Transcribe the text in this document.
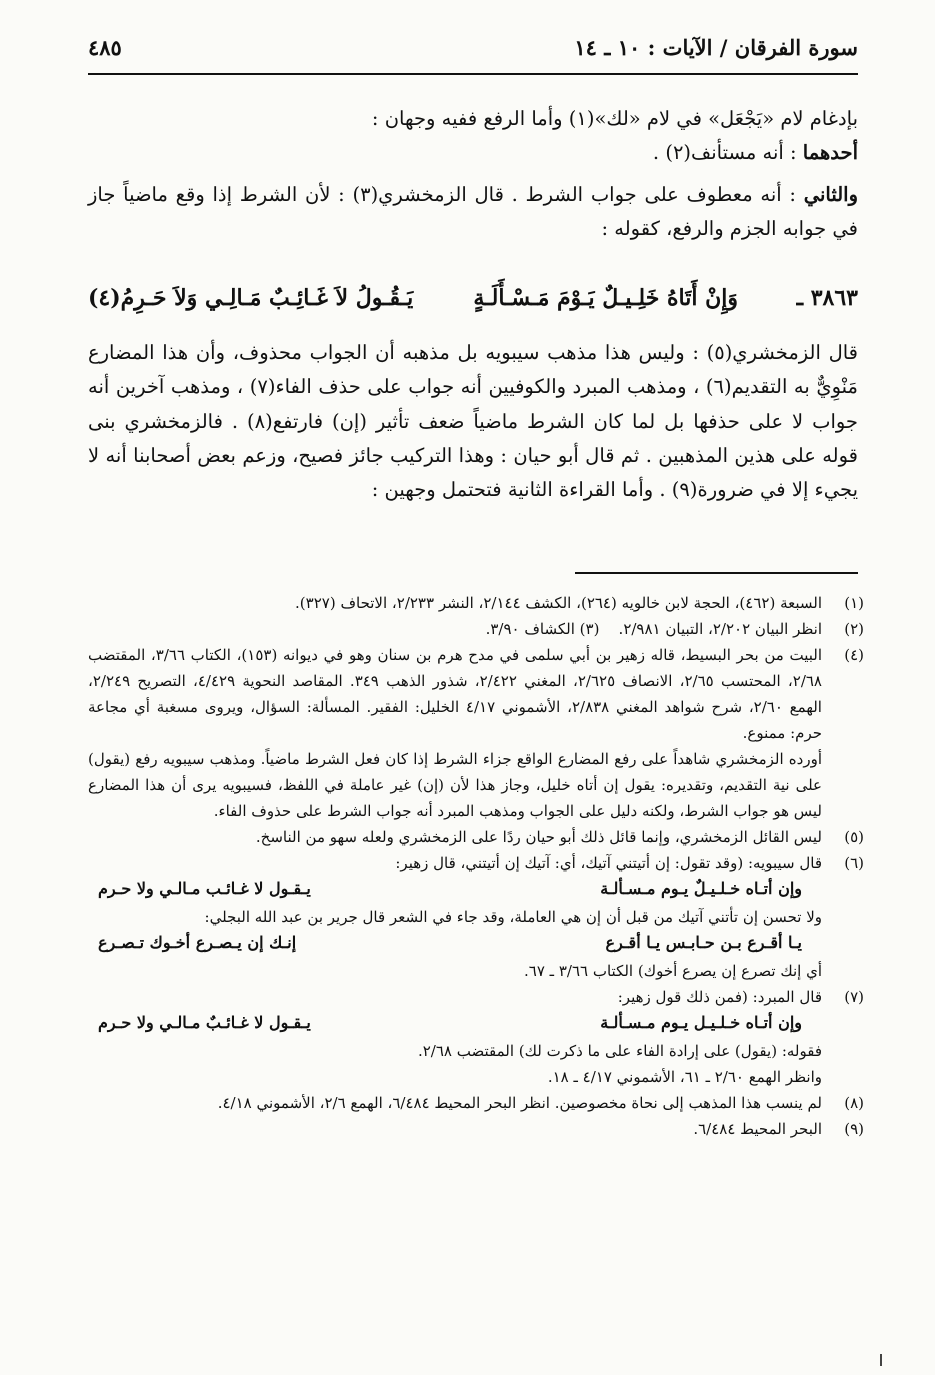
سورة الفرقان / الآيات : ١٠ ـ ١٤
٤٨٥

بإدغام لام «يَجْعَل» في لام «لك»(١) وأما الرفع ففيه وجهان :

أحدهما : أنه مستأنف(٢) .

والثاني : أنه معطوف على جواب الشرط . قال الزمخشري(٣) : لأن الشرط إذا وقع ماضياً جاز في جوابه الجزم والرفع، كقوله :

٣٨٦٣ ـ
وَإِنْ أَتَاهُ خَلِـيـلٌ يَـوْمَ مَـسْـأَلَـةٍ
يَـقُـولُ لاَ غَـائِـبٌ مَـالِـي وَلاَ حَـرِمُ(٤)
قال الزمخشري(٥) : وليس هذا مذهب سيبويه بل مذهبه أن الجواب محذوف، وأن هذا المضارع مَنْوِيٌّ به التقديم(٦) ، ومذهب المبرد والكوفيين أنه جواب على حذف الفاء(٧) ، ومذهب آخرين أنه جواب لا على حذفها بل لما كان الشرط ماضياً ضعف تأثير (إن) فارتفع(٨) . فالزمخشري بنى قوله على هذين المذهبين . ثم قال أبو حيان : وهذا التركيب جائز فصيح، وزعم بعض أصحابنا أنه لا يجيء إلا في ضرورة(٩) . وأما القراءة الثانية فتحتمل وجهين :
(١)

السبعة (٤٦٢)، الحجة لابن خالويه (٢٦٤)، الكشف ٢/١٤٤، النشر ٢/٢٣٣، الاتحاف (٣٢٧).

(٢)

انظر البيان ٢/٢٠٢، التبيان ٢/٩٨١.    (٣) الكشاف ٣/٩٠.

(٤)

البيت من بحر البسيط، قاله زهير بن أبي سلمى في مدح هرم بن سنان وهو في ديوانه (١٥٣)، الكتاب ٣/٦٦، المقتضب ٢/٦٨، المحتسب ٢/٦٥، الانصاف ٢/٦٢٥، المغني ٢/٤٢٢، شذور الذهب ٣٤٩. المقاصد النحوية ٤/٤٢٩، التصريح ٢/٢٤٩، الهمع ٢/٦٠، شرح شواهد المغني ٢/٨٣٨، الأشموني ٤/١٧ الخليل: الفقير. المسألة: السؤال، ويروى مسغبة أي مجاعة حرم: ممنوع.

أورده الزمخشري شاهداً على رفع المضارع الواقع جزاء الشرط إذا كان فعل الشرط ماضياً. ومذهب سيبويه رفع (يقول) على نية التقديم، وتقديره: يقول إن أتاه خليل، وجاز هذا لأن (إن) غير عاملة في اللفظ، فسيبويه يرى أن هذا المضارع ليس هو جواب الشرط، ولكنه دليل على الجواب ومذهب المبرد أنه جواب الشرط على حذوف الفاء.

(٥)

ليس القائل الزمخشري، وإنما قائل ذلك أبو حيان ردًا على الزمخشري ولعله سهو من الناسخ.

(٦)

قال سيبويه: (وقد تقول: إن أتيتني آتيك، أي: آتيك إن أتيتني، قال زهير:

وإن أتـاه خـلـيـلٌ يـوم مـسـألـة
يـقـول لا غـائـب مـالـي ولا حـرم

ولا تحسن إن تأتني آتيك من قبل أن إن هي العاملة، وقد جاء في الشعر قال جرير بن عبد الله البجلي:

يـا أقـرع بـن حـابـس يـا أقـرع
إنـك إن يـصـرع أخـوك تـصـرع

أي إنك تصرع إن يصرع أخوك) الكتاب ٣/٦٦ ـ ٦٧.

(٧)

قال المبرد: (فمن ذلك قول زهير:

وإن أتـاه خـلـيـل يـوم مـسـألـة
يـقـول لا غـائـبٌ مـالـي ولا حـرم

فقوله: (يقول) على إرادة الفاء على ما ذكرت لك) المقتضب ٢/٦٨.

وانظر الهمع ٢/٦٠ ـ ٦١، الأشموني ٤/١٧ ـ ١٨.

(٨)

لم ينسب هذا المذهب إلى نحاة مخصوصين. انظر البحر المحيط ٦/٤٨٤، الهمع ٢/٦، الأشموني ٤/١٨.

(٩)

البحر المحيط ٦/٤٨٤.
